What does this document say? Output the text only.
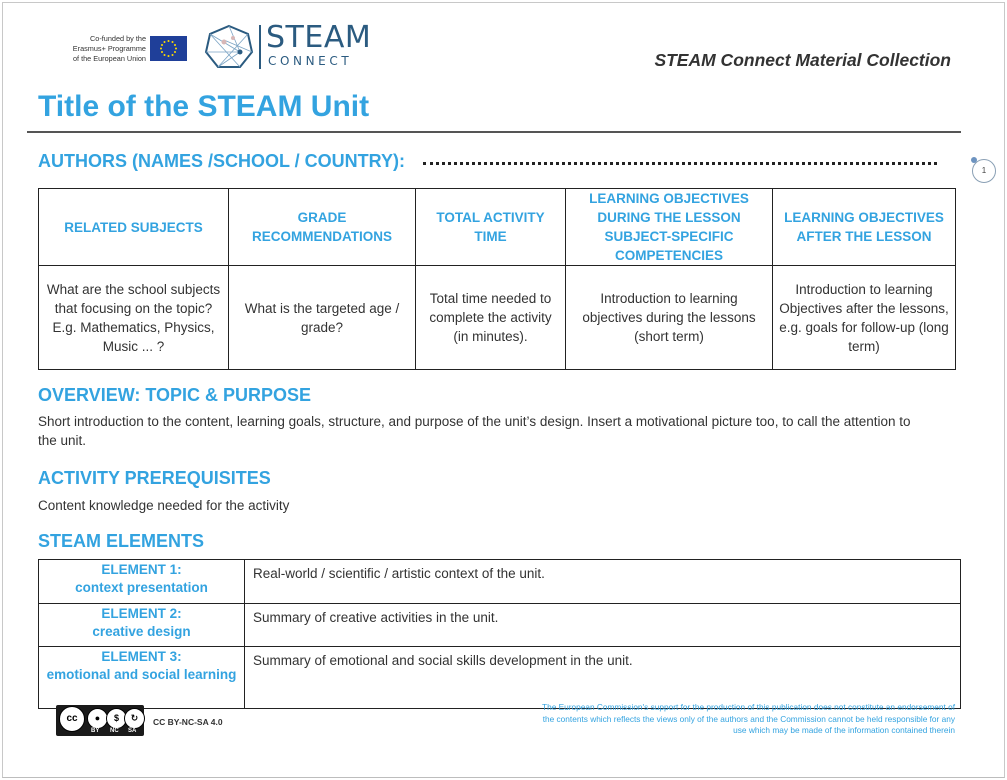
Co-funded by the
Erasmus+ Programme
of the European Union
STEAM
CONNECT	STEAM Connect Material Collection
Title of the STEAM Unit
AUTHORS (NAMES /SCHOOL / COUNTRY):	1
RELATED SUBJECTS	GRADE RECOMMENDATIONS	TOTAL ACTIVITY TIME	LEARNING OBJECTIVES DURING THE LESSON SUBJECT-SPECIFIC COMPETENCIES	LEARNING OBJECTIVES AFTER THE LESSON
What are the school subjects that focusing on the topic? E.g. Mathematics, Physics, Music ... ?	What is the targeted age / grade?	Total time needed to complete the activity (in minutes).	Introduction to learning objectives during the lessons (short term)	Introduction to learning Objectives after the lessons, e.g. goals for follow-up (long term)
OVERVIEW: TOPIC & PURPOSE
Short introduction to the content, learning goals, structure, and purpose of the unit’s design. Insert a motivational picture too, to call the attention to the unit.
ACTIVITY PREREQUISITES
Content knowledge needed for the activity
STEAM ELEMENTS
ELEMENT 1:
context presentation	Real-world / scientific / artistic context of the unit.

ELEMENT 2:
creative design	Summary of creative activities in the unit.

ELEMENT 3:
emotional and social learning	Summary of emotional and social skills development in the unit.
cc	●	$	↻
BY NC SA
CC BY-NC-SA 4.0
The European Commission's support for the production of this publication does not constitute an endorsement of the contents which reflects the views only of the authors and the Commission cannot be held responsible for any use which may be made of the information contained therein
